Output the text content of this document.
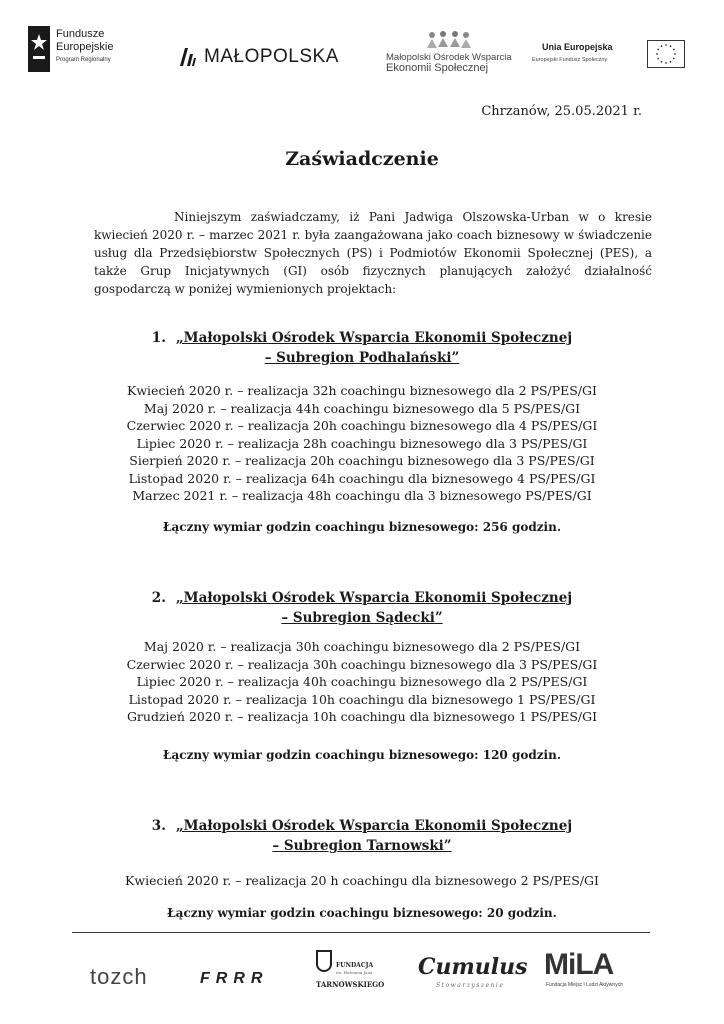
Fundusze
Europejskie
Program Regionalny	MAŁOPOLSKA	Małopolski Ośrodek Wsparcia
Ekonomii Społecznej
Unia Europejska
Europejski Fundusz Społeczny
Chrzanów, 25.05.2021 r.
Zaświadczenie

Niniejszym zaświadczamy, iż Pani Jadwiga Olszowska-Urban w o kresie kwiecień 2020 r. – marzec 2021 r. była zaangażowana jako coach biznesowy w świadczenie usług dla Przedsiębiorstw Społecznych (PS) i Podmiotów Ekonomii Społecznej (PES), a także Grup Inicjatywnych (GI) osób fizycznych planujących założyć działalność gospodarczą w poniżej wymienionych projektach:

1. „Małopolski Ośrodek Wsparcia Ekonomii Społecznej
– Subregion Podhalański”
Kwiecień 2020 r. – realizacja 32h coachingu biznesowego dla 2 PS/PES/GI
Maj 2020 r. – realizacja 44h coachingu biznesowego dla 5 PS/PES/GI
Czerwiec 2020 r. – realizacja 20h coachingu biznesowego dla 4 PS/PES/GI
Lipiec 2020 r. – realizacja 28h coachingu biznesowego dla 3 PS/PES/GI
Sierpień 2020 r. – realizacja 20h coachingu biznesowego dla 3 PS/PES/GI
Listopad 2020 r. – realizacja 64h coachingu dla biznesowego 4 PS/PES/GI
Marzec 2021 r. – realizacja 48h coachingu dla 3 biznesowego PS/PES/GI
Łączny wymiar godzin coachingu biznesowego: 256 godzin.
2. „Małopolski Ośrodek Wsparcia Ekonomii Społecznej
– Subregion Sądecki”
Maj 2020 r. – realizacja 30h coachingu biznesowego dla 2 PS/PES/GI
Czerwiec 2020 r. – realizacja 30h coachingu biznesowego dla 3 PS/PES/GI
Lipiec 2020 r. – realizacja 40h coachingu biznesowego dla 2 PS/PES/GI
Listopad 2020 r. – realizacja 10h coachingu dla biznesowego 1 PS/PES/GI
Grudzień 2020 r. – realizacja 10h coachingu dla biznesowego 1 PS/PES/GI
Łączny wymiar godzin coachingu biznesowego: 120 godzin.
3. „Małopolski Ośrodek Wsparcia Ekonomii Społecznej
– Subregion Tarnowski”
Kwiecień 2020 r. – realizacja 20 h coachingu dla biznesowego 2 PS/PES/GI
Łączny wymiar godzin coachingu biznesowego: 20 godzin.
tozch	FRRR
FUNDACJA
im. Hetmana Jana
TARNOWSKIEGO
Cumulus
Stowarzyszenie
MiLA
Fundacja Miejsc i Ludzi Aktywnych
